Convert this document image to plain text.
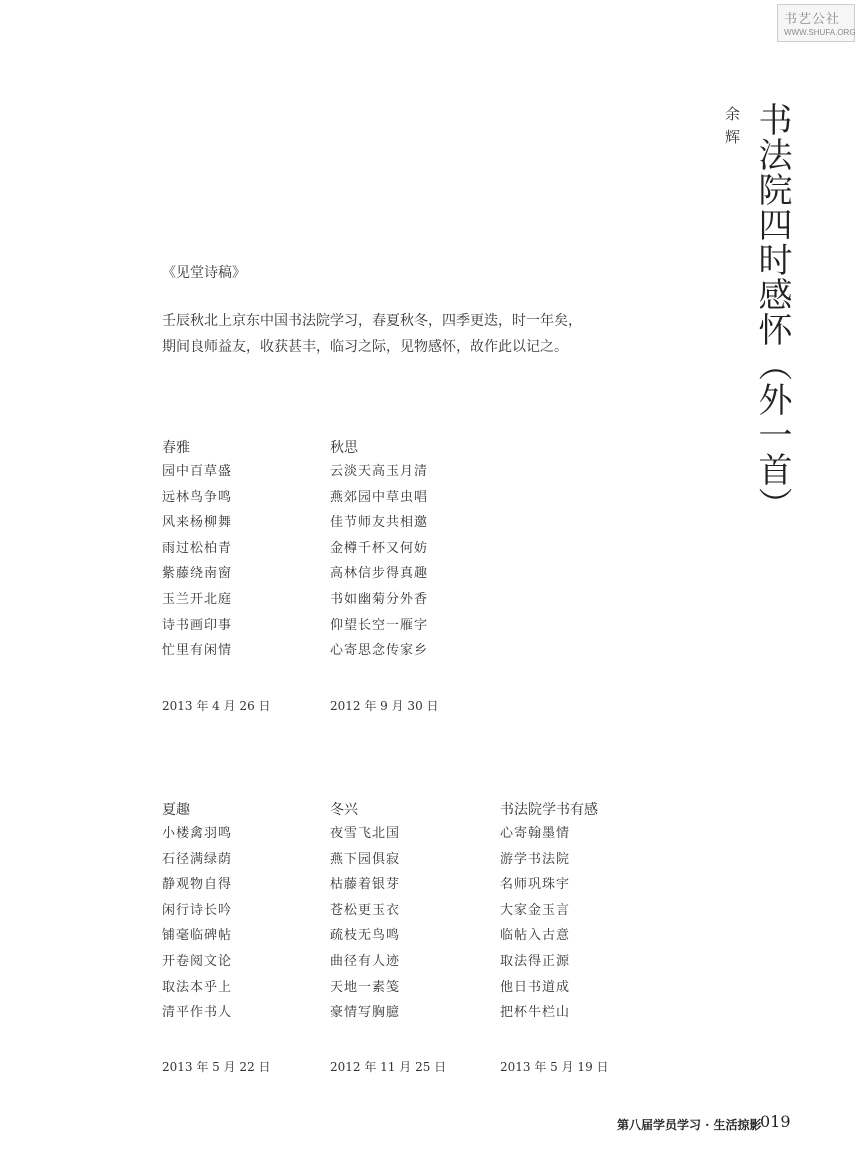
书艺公社
WWW.SHUFA.ORG
书法院四时感怀（外一首）
余辉
《见堂诗稿》
壬辰秋北上京东中国书法院学习，春夏秋冬，四季更迭，时一年矣，
期间良师益友，收获甚丰，临习之际，见物感怀，故作此以记之。
春雅
园中百草盛
远林鸟争鸣
风来杨柳舞
雨过松柏青
紫藤绕南窗
玉兰开北庭
诗书画印事
忙里有闲情
2013 年 4 月 26 日
秋思
云淡天高玉月清
燕郊园中草虫唱
佳节师友共相邀
金樽千杯又何妨
高林信步得真趣
书如幽菊分外香
仰望长空一雁字
心寄思念传家乡
2012 年 9 月 30 日
夏趣
小楼禽羽鸣
石径满绿荫
静观物自得
闲行诗长吟
铺毫临碑帖
开卷阅文论
取法本乎上
清平作书人
2013 年 5 月 22 日
冬兴
夜雪飞北国
燕下园俱寂
枯藤着银芽
苍松更玉衣
疏枝无鸟鸣
曲径有人迹
天地一素笺
豪情写胸臆
2012 年 11 月 25 日
书法院学书有感
心寄翰墨情
游学书法院
名师巩珠宇
大家金玉言
临帖入古意
取法得正源
他日书道成
把杯牛栏山
2013 年 5 月 19 日
第八届学员学习 · 生活掠影
019
